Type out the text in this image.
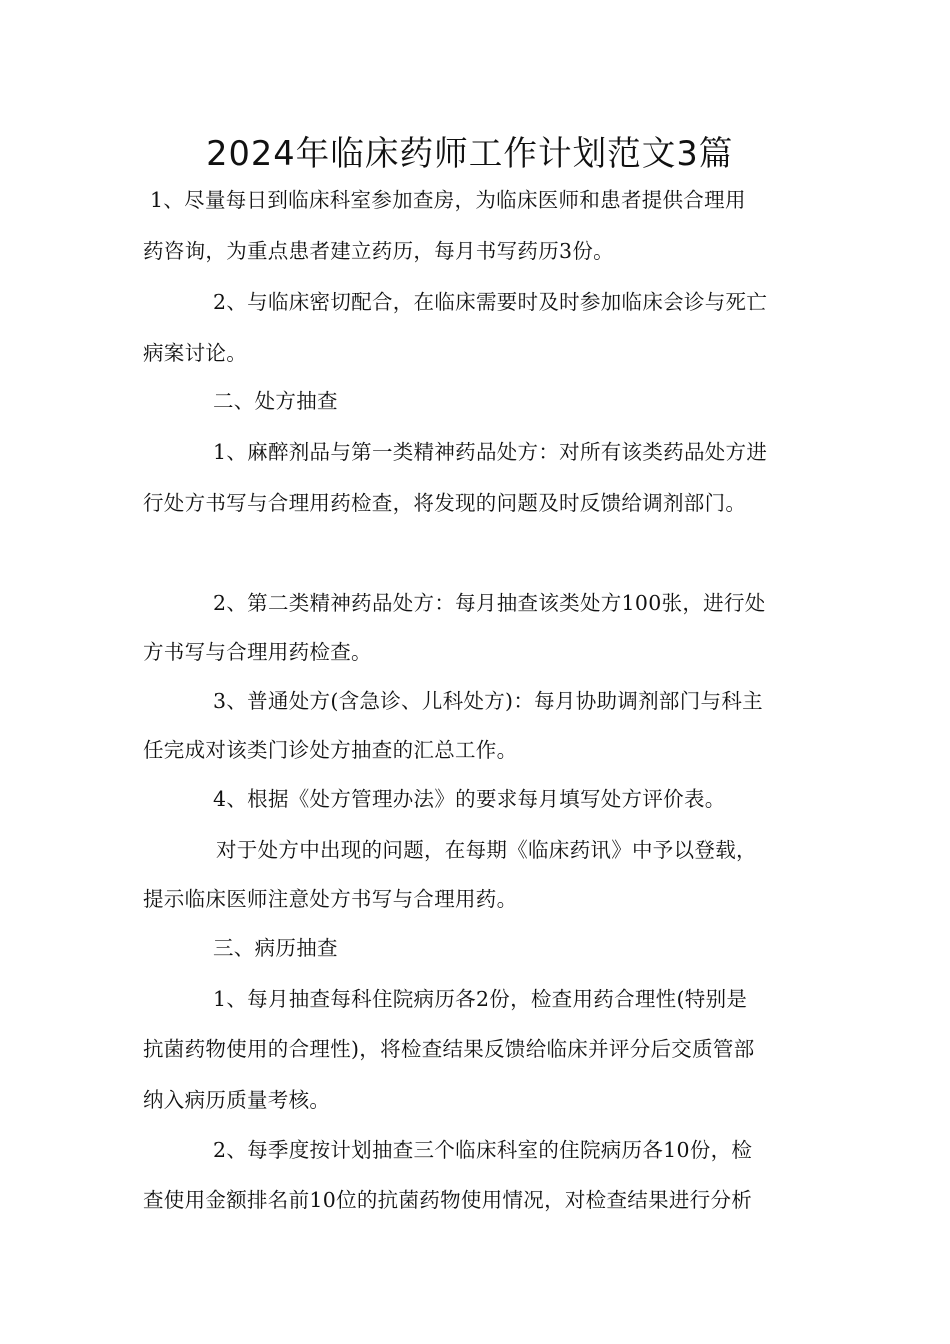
2024年临床药师工作计划范文3篇
1、尽量每日到临床科室参加查房，为临床医师和患者提供合理用
药咨询，为重点患者建立药历，每月书写药历3份。
2、与临床密切配合，在临床需要时及时参加临床会诊与死亡
病案讨论。
二、处方抽查
1、麻醉剂品与第一类精神药品处方：对所有该类药品处方进
行处方书写与合理用药检查，将发现的问题及时反馈给调剂部门。
2、第二类精神药品处方：每月抽查该类处方100张，进行处
方书写与合理用药检查。
3、普通处方(含急诊、儿科处方)：每月协助调剂部门与科主
任完成对该类门诊处方抽查的汇总工作。
4、根据《处方管理办法》的要求每月填写处方评价表。
对于处方中出现的问题，在每期《临床药讯》中予以登载，
提示临床医师注意处方书写与合理用药。
三、病历抽查
1、每月抽查每科住院病历各2份，检查用药合理性(特别是
抗菌药物使用的合理性)，将检查结果反馈给临床并评分后交质管部
纳入病历质量考核。
2、每季度按计划抽查三个临床科室的住院病历各10份，检
查使用金额排名前10位的抗菌药物使用情况，对检查结果进行分析
